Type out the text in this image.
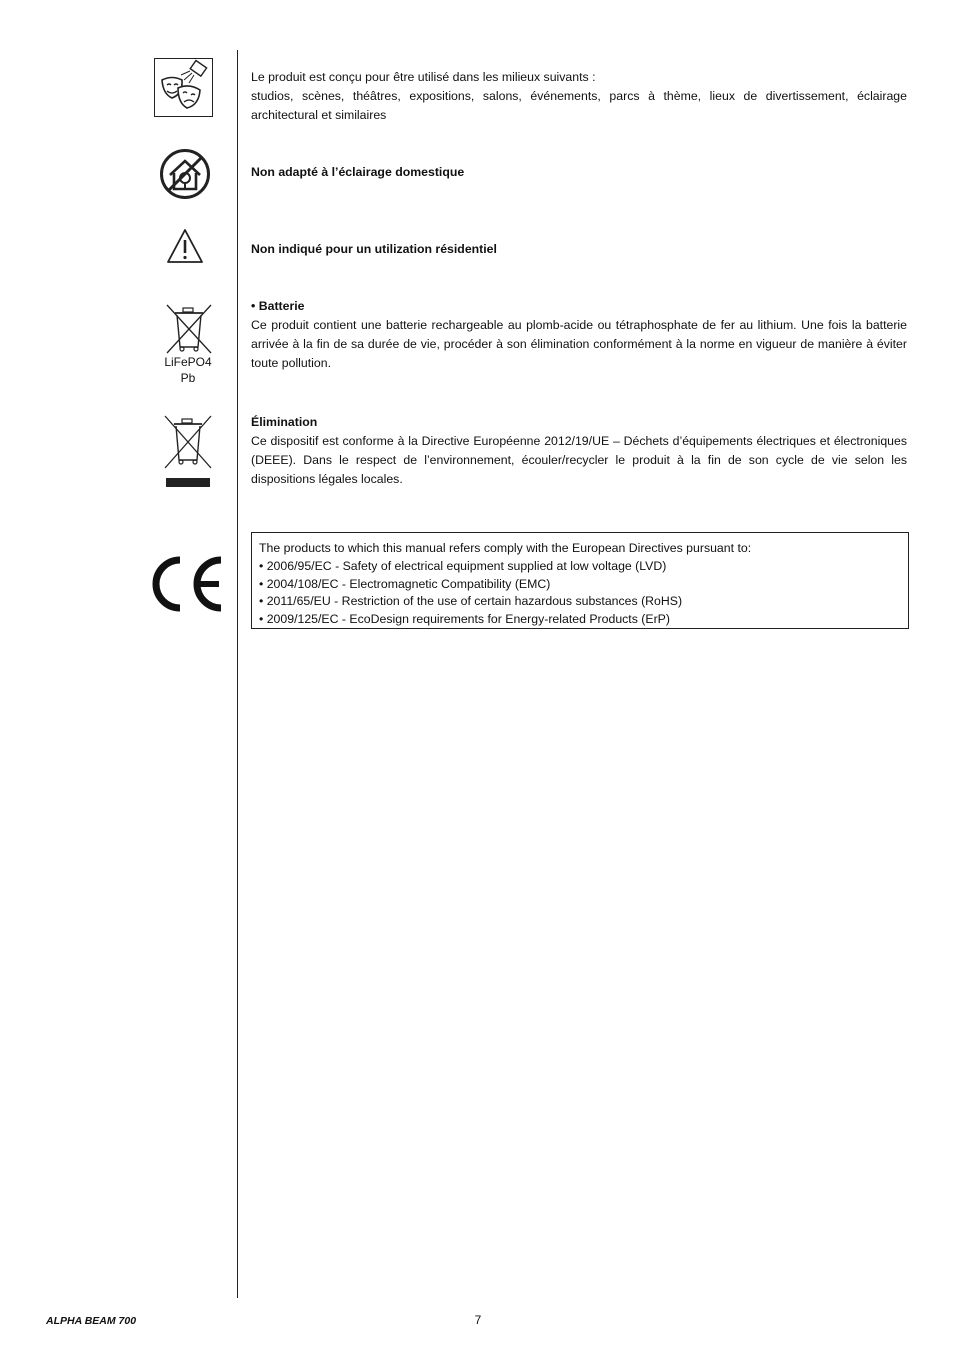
Le produit est conçu pour être utilisé dans les milieux suivants :

studios, scènes, théâtres, expositions, salons, événements, parcs à thème, lieux de divertissement, éclairage architectural et similaires

Non adapté à l’éclairage domestique
Non indiqué pour un utilization résidentiel
LiFePO4
Pb

• Batterie

Ce produit contient une batterie rechargeable au plomb-acide ou tétraphosphate de fer au lithium. Une fois la batterie arrivée à la fin de sa durée de vie, procéder à son élimination conformément à la norme en vigueur de manière à éviter toute pollution.

Élimination

Ce dispositif est conforme à la Directive Européenne 2012/19/UE – Déchets d’équipements électriques et électroniques (DEEE). Dans le respect de l’environnement, écouler/recycler le produit à la fin de son cycle de vie selon les dispositions légales locales.

The products to which this manual refers comply with the European Directives pursuant to:
• 2006/95/EC - Safety of electrical equipment supplied at low voltage (LVD)
• 2004/108/EC - Electromagnetic Compatibility (EMC)
• 2011/65/EU - Restriction of the use of certain hazardous substances (RoHS)
• 2009/125/EC - EcoDesign requirements for Energy-related Products (ErP)
ALPHA BEAM 700	7
